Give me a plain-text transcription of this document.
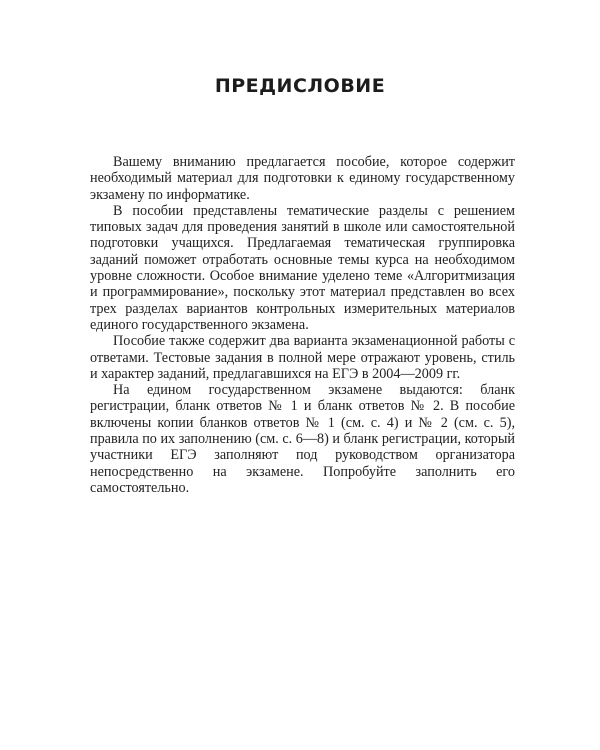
ПРЕДИСЛОВИЕ

Вашему вниманию предлагается пособие, которое содержит необходимый материал для подготовки к единому государственному экзамену по информатике.

В пособии представлены тематические разделы с решением типовых задач для проведения занятий в школе или самостоятельной подготовки учащихся. Предлагаемая тематическая группировка заданий поможет отработать основные темы курса на необходимом уровне сложности. Особое внимание уделено теме «Алгоритмизация и программирование», поскольку этот материал представлен во всех трех разделах вариантов контрольных измерительных материалов единого государственного экзамена.

Пособие также содержит два варианта экзаменационной работы с ответами. Тестовые задания в полной мере отражают уровень, стиль и характер заданий, предлагавшихся на ЕГЭ в 2004—2009 гг.

На едином государственном экзамене выдаются: бланк регистрации, бланк ответов № 1 и бланк ответов № 2. В пособие включены копии бланков ответов № 1 (см. с. 4) и № 2 (см. с. 5), правила по их заполнению (см. с. 6—8) и бланк регистрации, который участники ЕГЭ заполняют под руководством организатора непосредственно на экзамене. Попробуйте заполнить его самостоятельно.
